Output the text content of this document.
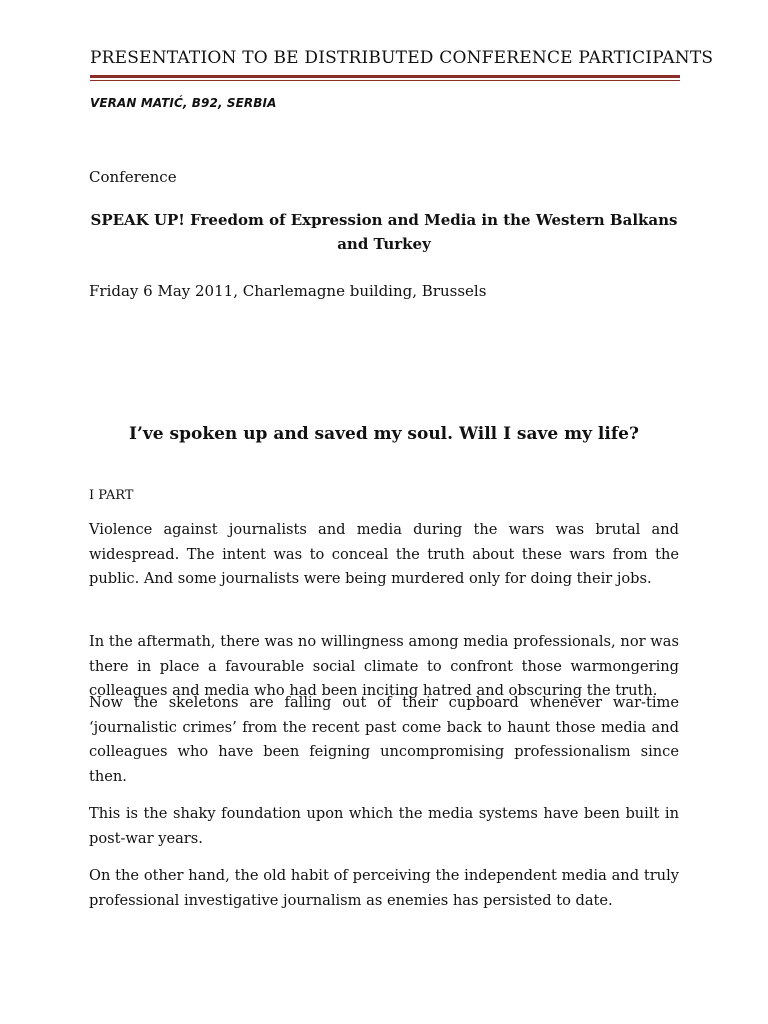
PRESENTATION TO BE DISTRIBUTED CONFERENCE PARTICIPANTS
VERAN MATIĆ, B92, SERBIA
Conference
SPEAK UP! Freedom of Expression and Media in the Western Balkans and Turkey
Friday 6 May 2011, Charlemagne building, Brussels
I’ve spoken up and saved my soul. Will I save my life?
I PART

Violence against journalists and media during the wars was brutal and widespread. The intent was to conceal the truth about these wars from the public. And some journalists were being murdered only for doing their jobs.

In the aftermath, there was no willingness among media professionals, nor was there in place a favourable social climate to confront those warmongering colleagues and media who had been inciting hatred and obscuring the truth.

Now the skeletons are falling out of their cupboard whenever war-time ‘journalistic crimes’ from the recent past come back to haunt those media and colleagues who have been feigning uncompromising professionalism since then.

This is the shaky foundation upon which the media systems have been built in post-war years.

On the other hand, the old habit of perceiving the independent media and truly professional investigative journalism as enemies has persisted to date.
